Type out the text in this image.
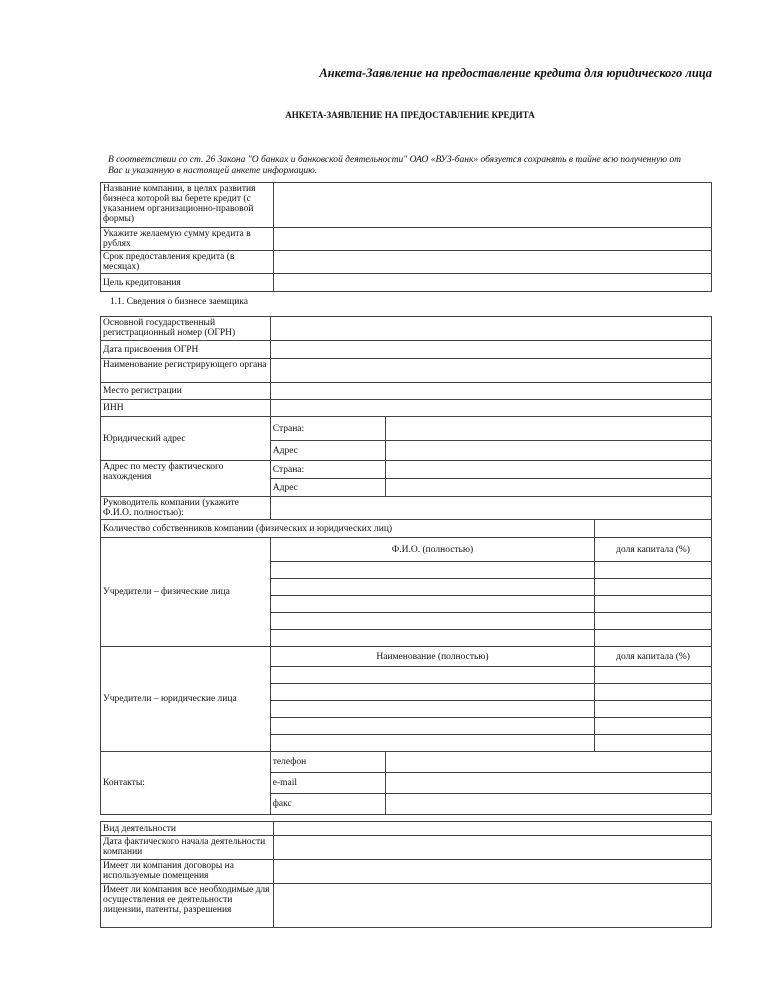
Анкета-Заявление на предоставление кредита для юридического лица
АНКЕТА-ЗАЯВЛЕНИЕ НА ПРЕДОСТАВЛЕНИЕ КРЕДИТА
В соответствии со ст. 26 Закона "О банках и банковской деятельности" ОАО «ВУЗ-банк» обязуется сохранять в тайне всю полученную от Вас и указанную в настоящей анкете информацию.
Название компании, в целях развития бизнеса которой вы берете кредит (с указанием организационно-правовой формы)	
Укажите желаемую сумму кредита в рублях	
Срок предоставления кредита (в месяцах)	
Цель кредитования	
1.1. Сведения о бизнесе заемщика
Основной государственный регистрационный номер (ОГРН)			
Дата присвоения ОГРН			
Наименование регистрирующего органа			
Место регистрации			
ИНН			
Юридический адрес	Страна:		
	Адрес		
Адрес по месту фактического нахождения	Страна:		
	Адрес		
Руководитель компании (укажите Ф.И.О. полностью):			
Количество собственников компании (физических и юридических лиц)			
Учредители – физические лица	Ф.И.О. (полностью)		доля капитала (%)

Учредители – юридические лица	Наименование (полностью)		доля капитала (%)

Контакты:	телефон		
	e-mail		
	факс		
Вид деятельности	
Дата фактического начала деятельности компании	
Имеет ли компания договоры на используемые помещения	
Имеет ли компания все необходимые для осуществления ее деятельности лицензии, патенты, разрешения	
